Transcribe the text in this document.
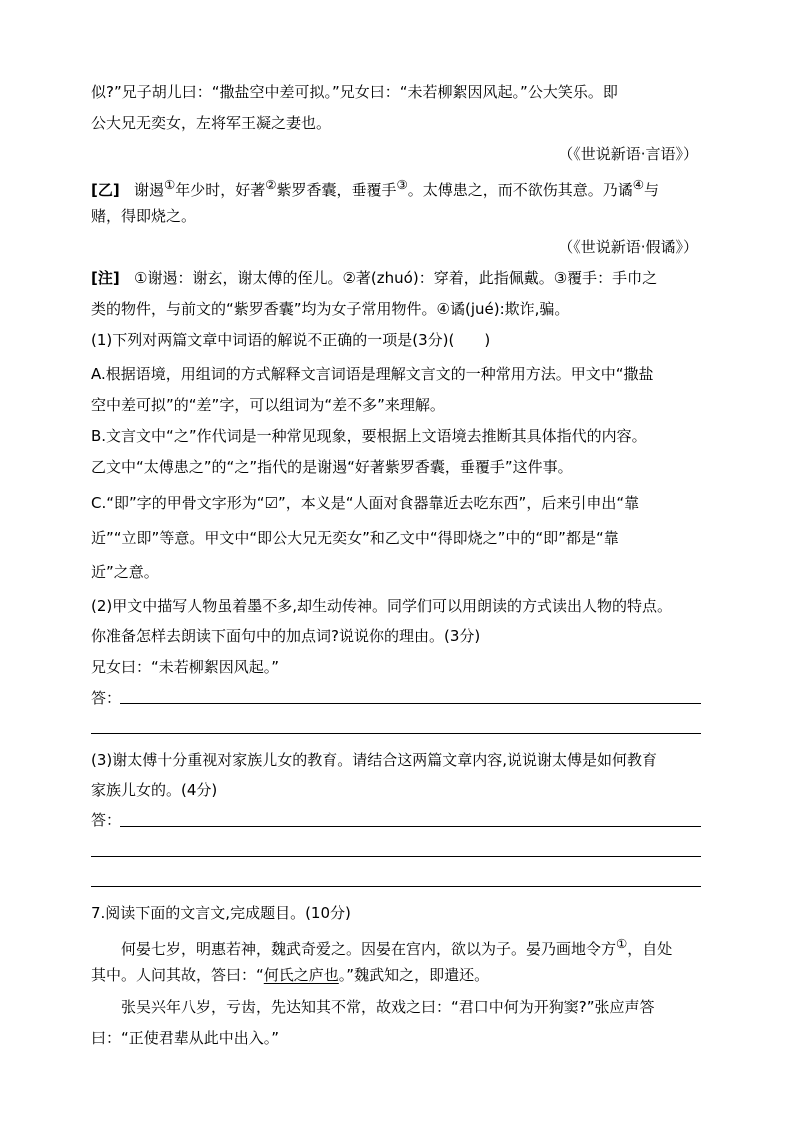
似?”兄子胡儿曰：“撒盐空中差可拟。”兄女曰：“未若柳絮因风起。”公大笑乐。即
公大兄无奕女，左将军王凝之妻也。
（《世说新语·言语》）
[乙] 谢遏①年少时，好著②紫罗香囊，垂覆手③。太傅患之，而不欲伤其意。乃谲④与
赌，得即烧之。
（《世说新语·假谲》）
[注] ①谢遏：谢玄，谢太傅的侄儿。②著(zhuó)：穿着，此指佩戴。③覆手：手巾之
类的物件，与前文的“紫罗香囊”均为女子常用物件。④谲(jué):欺诈,骗。
(1)下列对两篇文章中词语的解说不正确的一项是(3分)(　　)
A.根据语境，用组词的方式解释文言词语是理解文言文的一种常用方法。甲文中“撒盐
空中差可拟”的“差”字，可以组词为“差不多”来理解。
B.文言文中“之”作代词是一种常见现象，要根据上文语境去推断其具体指代的内容。
乙文中“太傅患之”的“之”指代的是谢遏“好著紫罗香囊，垂覆手”这件事。
C.“即”字的甲骨文字形为“☑”，本义是“人面对食器靠近去吃东西”，后来引申出“靠
近”“立即”等意。甲文中“即公大兄无奕女”和乙文中“得即烧之”中的“即”都是“靠
近”之意。
(2)甲文中描写人物虽着墨不多,却生动传神。同学们可以用朗读的方式读出人物的特点。
你准备怎样去朗读下面句中的加点词?说说你的理由。(3分)
兄女曰：“未若柳絮因风起。”
答：
(3)谢太傅十分重视对家族儿女的教育。请结合这两篇文章内容,说说谢太傅是如何教育
家族儿女的。(4分)
答：
7.阅读下面的文言文,完成题目。(10分)
何晏七岁，明惠若神，魏武奇爱之。因晏在宫内，欲以为子。晏乃画地令方①，自处
其中。人问其故，答曰：“何氏之庐也。”魏武知之，即遣还。
张吴兴年八岁，亏齿，先达知其不常，故戏之曰：“君口中何为开狗窦?”张应声答
曰：“正使君辈从此中出入。”
